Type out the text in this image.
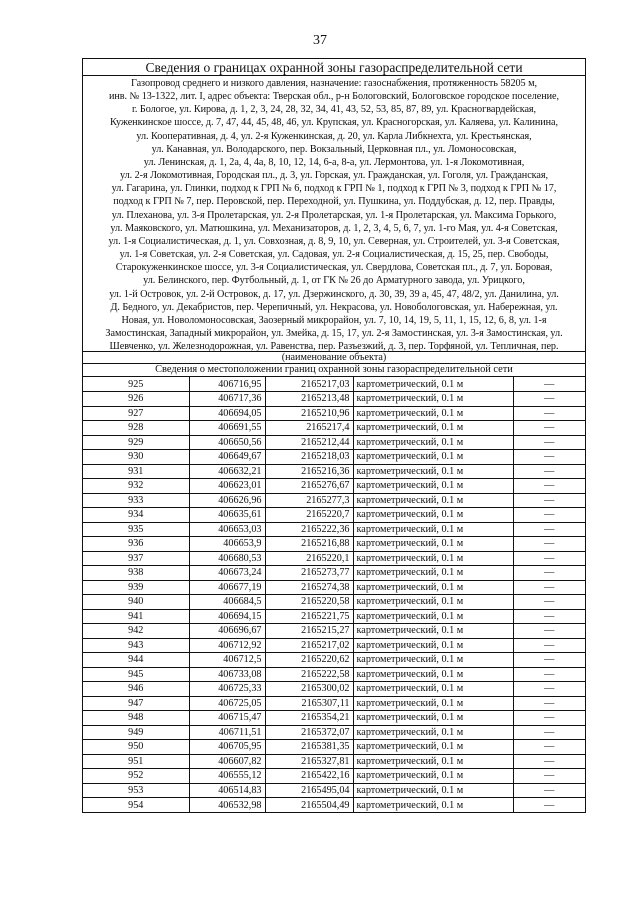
37
Сведения о границах охранной зоны газораспределительной сети
Газопровод среднего и низкого давления, назначение: газоснабжения, протяженность 58205 м,
инв. № 13-1322, лит. I, адрес объекта: Тверская обл., р-н Бологовский, Бологовское городское поселение,
г. Бологое, ул. Кирова, д. 1, 2, 3, 24, 28, 32, 34, 41, 43, 52, 53, 85, 87, 89, ул. Красногвардейская,
Куженкинское шоссе, д. 7, 47, 44, 45, 48, 46, ул. Крупская, ул. Красногорская, ул. Каляева, ул. Калинина,
ул. Кооперативная, д. 4, ул. 2-я Куженкинская, д. 20, ул. Карла Либкнехта, ул. Крестьянская,
ул. Канавная, ул. Володарского, пер. Вокзальный, Церковная пл., ул. Ломоносовская,
ул. Ленинская, д. 1, 2а, 4, 4а, 8, 10, 12, 14, 6-а, 8-а, ул. Лермонтова, ул. 1-я Локомотивная,
ул. 2-я Локомотивная, Городская пл., д. 3, ул. Горская, ул. Гражданская, ул. Гоголя, ул. Гражданская,
ул. Гагарина, ул. Глинки, подход к ГРП № 6, подход к ГРП № 1, подход к ГРП № 3, подход к ГРП № 17,
подход к ГРП № 7, пер. Перовской, пер. Переходной, ул. Пушкина, ул. Поддубская, д. 12, пер. Правды,
ул. Плеханова, ул. 3-я Пролетарская, ул. 2-я Пролетарская, ул. 1-я Пролетарская, ул. Максима Горького,
ул. Маяковского, ул. Матюшкина, ул. Механизаторов, д. 1, 2, 3, 4, 5, 6, 7, ул. 1-го Мая, ул. 4-я Советская,
ул. 1-я Социалистическая, д. 1, ул. Совхозная, д. 8, 9, 10, ул. Северная, ул. Строителей, ул. 3-я Советская,
ул. 1-я Советская, ул. 2-я Советская, ул. Садовая, ул. 2-я Социалистическая, д. 15, 25, пер. Свободы,
Старокуженкинское шоссе, ул. 3-я Социалистическая, ул. Свердлова, Советская пл., д. 7, ул. Боровая,
ул. Белинского, пер. Футбольный, д. 1, от ГК № 26 до Арматурного завода, ул. Урицкого,
ул. 1-й Островок, ул. 2-й Островок, д. 17, ул. Дзержинского, д. 30, 39, 39 а, 45, 47, 48/2, ул. Данилина, ул.
Д. Бедного, ул. Декабристов, пер. Черепичный, ул. Некрасова, ул. Новобологовская, ул. Набережная, ул.
Новая, ул. Новоломоносовская, Заозерный микрорайон, ул. 7, 10, 14, 19, 5, 11, 1, 15, 12, 6, 8, ул. 1-я
Замостинская, Западный микрорайон, ул. Змейка, д. 15, 17, ул. 2-я Замостинская, ул. 3-я Замостинская, ул.
Шевченко, ул. Железнодорожная, ул. Равенства, пер. Разъезжий, д. 3, пер. Торфяной, ул. Тепличная, пер.
(наименование объекта)
Сведения о местоположении границ охранной зоны газораспределительной сети
925	406716,95	2165217,03	картометрический, 0.1 м	—
926	406717,36	2165213,48	картометрический, 0.1 м	—
927	406694,05	2165210,96	картометрический, 0.1 м	—
928	406691,55	2165217,4	картометрический, 0.1 м	—
929	406650,56	2165212,44	картометрический, 0.1 м	—
930	406649,67	2165218,03	картометрический, 0.1 м	—
931	406632,21	2165216,36	картометрический, 0.1 м	—
932	406623,01	2165276,67	картометрический, 0.1 м	—
933	406626,96	2165277,3	картометрический, 0.1 м	—
934	406635,61	2165220,7	картометрический, 0.1 м	—
935	406653,03	2165222,36	картометрический, 0.1 м	—
936	406653,9	2165216,88	картометрический, 0.1 м	—
937	406680,53	2165220,1	картометрический, 0.1 м	—
938	406673,24	2165273,77	картометрический, 0.1 м	—
939	406677,19	2165274,38	картометрический, 0.1 м	—
940	406684,5	2165220,58	картометрический, 0.1 м	—
941	406694,15	2165221,75	картометрический, 0.1 м	—
942	406696,67	2165215,27	картометрический, 0.1 м	—
943	406712,92	2165217,02	картометрический, 0.1 м	—
944	406712,5	2165220,62	картометрический, 0.1 м	—
945	406733,08	2165222,58	картометрический, 0.1 м	—
946	406725,33	2165300,02	картометрический, 0.1 м	—
947	406725,05	2165307,11	картометрический, 0.1 м	—
948	406715,47	2165354,21	картометрический, 0.1 м	—
949	406711,51	2165372,07	картометрический, 0.1 м	—
950	406705,95	2165381,35	картометрический, 0.1 м	—
951	406607,82	2165327,81	картометрический, 0.1 м	—
952	406555,12	2165422,16	картометрический, 0.1 м	—
953	406514,83	2165495,04	картометрический, 0.1 м	—
954	406532,98	2165504,49	картометрический, 0.1 м	—
